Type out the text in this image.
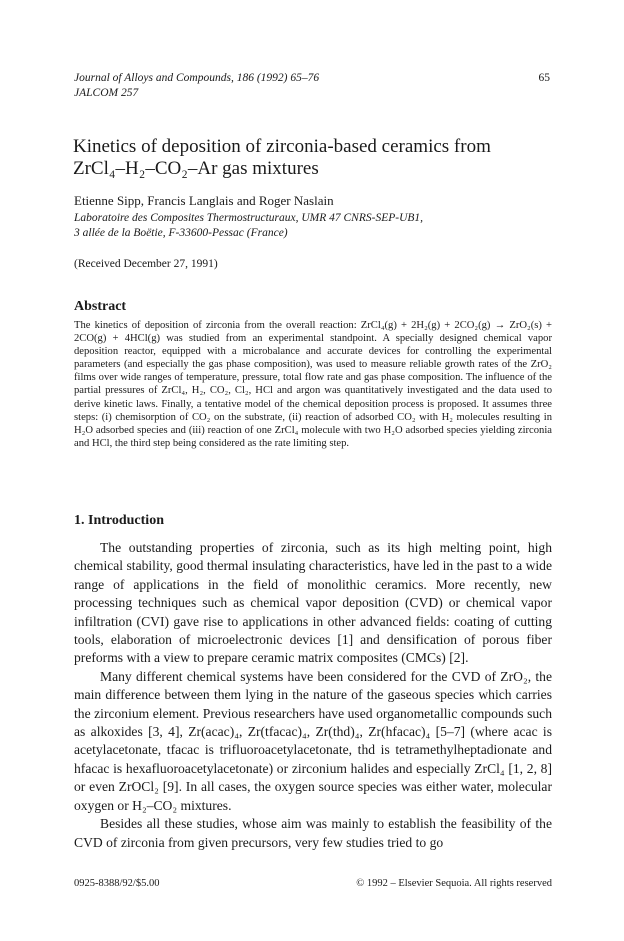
Journal of Alloys and Compounds, 186 (1992) 65–76
JALCOM 257
65
Kinetics of deposition of zirconia-based ceramics from
ZrCl₄–H₂–CO₂–Ar gas mixtures
Etienne Sipp, Francis Langlais and Roger Naslain
Laboratoire des Composites Thermostructuraux, UMR 47 CNRS-SEP-UB1,
3 allée de la Boëtie, F-33600-Pessac (France)
(Received December 27, 1991)
Abstract
The kinetics of deposition of zirconia from the overall reaction: ZrCl₄(g) + 2H₂(g) + 2CO₂(g) → ZrO₂(s) + 2CO(g) + 4HCl(g) was studied from an experimental standpoint. A specially designed chemical vapor deposition reactor, equipped with a microbalance and accurate devices for controlling the experimental parameters (and especially the gas phase composition), was used to measure reliable growth rates of the ZrO₂ films over wide ranges of temperature, pressure, total flow rate and gas phase composition. The influence of the partial pressures of ZrCl₄, H₂, CO₂, Cl₂, HCl and argon was quantitatively investigated and the data used to derive kinetic laws. Finally, a tentative model of the chemical deposition process is proposed. It assumes three steps: (i) chemisorption of CO₂ on the substrate, (ii) reaction of adsorbed CO₂ with H₂ molecules resulting in H₂O adsorbed species and (iii) reaction of one ZrCl₄ molecule with two H₂O adsorbed species yielding zirconia and HCl, the third step being considered as the rate limiting step.
1. Introduction

The outstanding properties of zirconia, such as its high melting point, high chemical stability, good thermal insulating characteristics, have led in the past to a wide range of applications in the field of monolithic ceramics. More recently, new processing techniques such as chemical vapor deposition (CVD) or chemical vapor infiltration (CVI) gave rise to applications in other advanced fields: coating of cutting tools, elaboration of microelectronic devices [1] and densification of porous fiber preforms with a view to prepare ceramic matrix composites (CMCs) [2].

Many different chemical systems have been considered for the CVD of ZrO₂, the main difference between them lying in the nature of the gaseous species which carries the zirconium element. Previous researchers have used organometallic compounds such as alkoxides [3, 4], Zr(acac)₄, Zr(tfacac)₄, Zr(thd)₄, Zr(hfacac)₄ [5–7] (where acac is acetylacetonate, tfacac is trifluoroacetylacetonate, thd is tetramethylheptadionate and hfacac is hexafluoroacetylacetonate) or zirconium halides and especially ZrCl₄ [1, 2, 8] or even ZrOCl₂ [9]. In all cases, the oxygen source species was either water, molecular oxygen or H₂–CO₂ mixtures.

Besides all these studies, whose aim was mainly to establish the feasibility of the CVD of zirconia from given precursors, very few studies tried to go

0925-8388/92/$5.00	© 1992 – Elsevier Sequoia. All rights reserved
